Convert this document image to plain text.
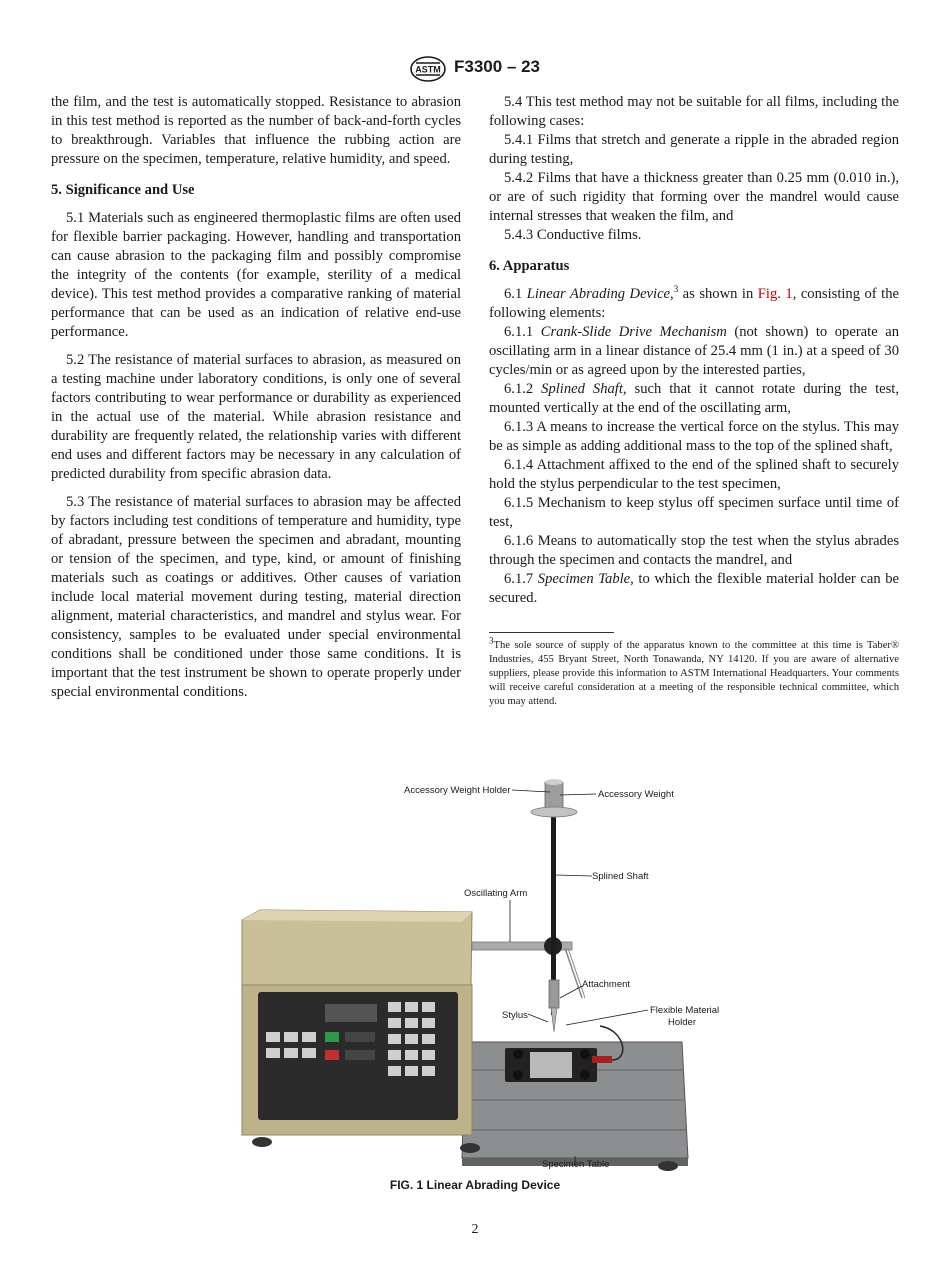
ASTM F3300 – 23

the film, and the test is automatically stopped. Resistance to abrasion in this test method is reported as the number of back-and-forth cycles to breakthrough. Variables that influence the rubbing action are pressure on the specimen, temperature, relative humidity, and speed.

5. Significance and Use

5.1 Materials such as engineered thermoplastic films are often used for flexible barrier packaging. However, handling and transportation can cause abrasion to the packaging film and possibly compromise the integrity of the contents (for example, sterility of a medical device). This test method provides a comparative ranking of material performance that can be used as an indication of relative end-use performance.

5.2 The resistance of material surfaces to abrasion, as measured on a testing machine under laboratory conditions, is only one of several factors contributing to wear performance or durability as experienced in the actual use of the material. While abrasion resistance and durability are frequently related, the relationship varies with different end uses and different factors may be necessary in any calculation of predicted durability from specific abrasion data.

5.3 The resistance of material surfaces to abrasion may be affected by factors including test conditions of temperature and humidity, type of abradant, pressure between the specimen and abradant, mounting or tension of the specimen, and type, kind, or amount of finishing materials such as coatings or additives. Other causes of variation include local material movement during testing, material direction alignment, material characteristics, and mandrel and stylus wear. For consistency, samples to be evaluated under special environmental conditions shall be conditioned under those same conditions. It is important that the test instrument be shown to operate properly under special environmental conditions.

5.4 This test method may not be suitable for all films, including the following cases:

5.4.1 Films that stretch and generate a ripple in the abraded region during testing,

5.4.2 Films that have a thickness greater than 0.25 mm (0.010 in.), or are of such rigidity that forming over the mandrel would cause internal stresses that weaken the film, and

5.4.3 Conductive films.

6. Apparatus

6.1 Linear Abrading Device,$^3$ as shown in Fig. 1, consisting of the following elements:

6.1.1 Crank-Slide Drive Mechanism (not shown) to operate an oscillating arm in a linear distance of 25.4 mm (1 in.) at a speed of 30 cycles/min or as agreed upon by the interested parties,

6.1.2 Splined Shaft, such that it cannot rotate during the test, mounted vertically at the end of the oscillating arm,

6.1.3 A means to increase the vertical force on the stylus. This may be as simple as adding additional mass to the top of the splined shaft,

6.1.4 Attachment affixed to the end of the splined shaft to securely hold the stylus perpendicular to the test specimen,

6.1.5 Mechanism to keep stylus off specimen surface until time of test,

6.1.6 Means to automatically stop the test when the stylus abrades through the specimen and contacts the mandrel, and

6.1.7 Specimen Table, to which the flexible material holder can be secured.

$^3$The sole source of supply of the apparatus known to the committee at this time is Taber® Industries, 455 Bryant Street, North Tonawanda, NY 14120. If you are aware of alternative suppliers, please provide this information to ASTM International Headquarters. Your comments will receive careful consideration at a meeting of the responsible technical committee, which you may attend.

Accessory Weight Holder	Accessory Weight
Splined Shaft
Oscillating Arm
Attachment
Stylus	Flexible Material
Holder
Specimen Table
FIG. 1 Linear Abrading Device
2
